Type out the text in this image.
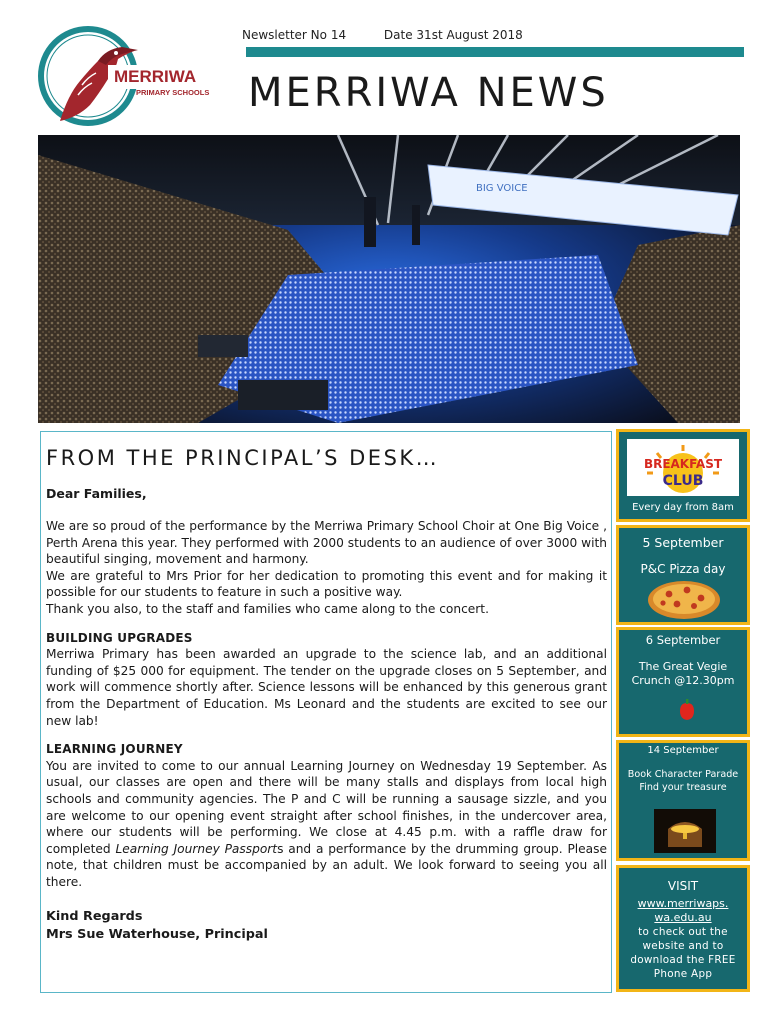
MERRIWA
PRIMARY SCHOOLS
Newsletter No 14	Date 31st August 2018
MERRIWA NEWS
BIG VOICE
FROM THE PRINCIPAL’S DESK…
Dear Families,

We are so proud of the performance by the Merriwa Primary School Choir at One Big Voice , Perth Arena this year. They performed with 2000 students to an audience of over 3000 with beautiful singing, movement and harmony.

We are grateful to Mrs Prior for her dedication to promoting this event and for making it possible for our students to feature in such a positive way.

Thank you also, to the staff and families who came along to the concert.

BUILDING UPGRADES

Merriwa Primary has been awarded an upgrade to the science lab, and an additional funding of $25 000 for equipment. The tender on the upgrade closes on 5 September, and work will commence shortly after. Science lessons will be enhanced by this generous grant from the Department of Education. Ms Leonard and the students are excited to see our new lab!

LEARNING JOURNEY

You are invited to come to our annual Learning Journey on Wednesday 19 September. As usual, our classes are open and there will be many stalls and displays from local high schools and community agencies. The P and C will be running a sausage sizzle, and you are welcome to our opening event straight after school finishes, in the undercover area, where our students will be performing. We close at 4.45 p.m. with a raffle draw for completed Learning Journey Passports and a performance by the drumming group. Please note, that children must be accompanied by an adult. We look forward to seeing you all there.

Kind Regards
Mrs Sue Waterhouse, Principal
BREAKFAST
CLUB
Every day from 8am
5 September
P&C Pizza day
6 September
The Great Vegie
Crunch @12.30pm
14 September
Book Character Parade
Find your treasure
VISIT
www.merriwaps.
wa.edu.au
to check out the
website and to
download the FREE
Phone App
